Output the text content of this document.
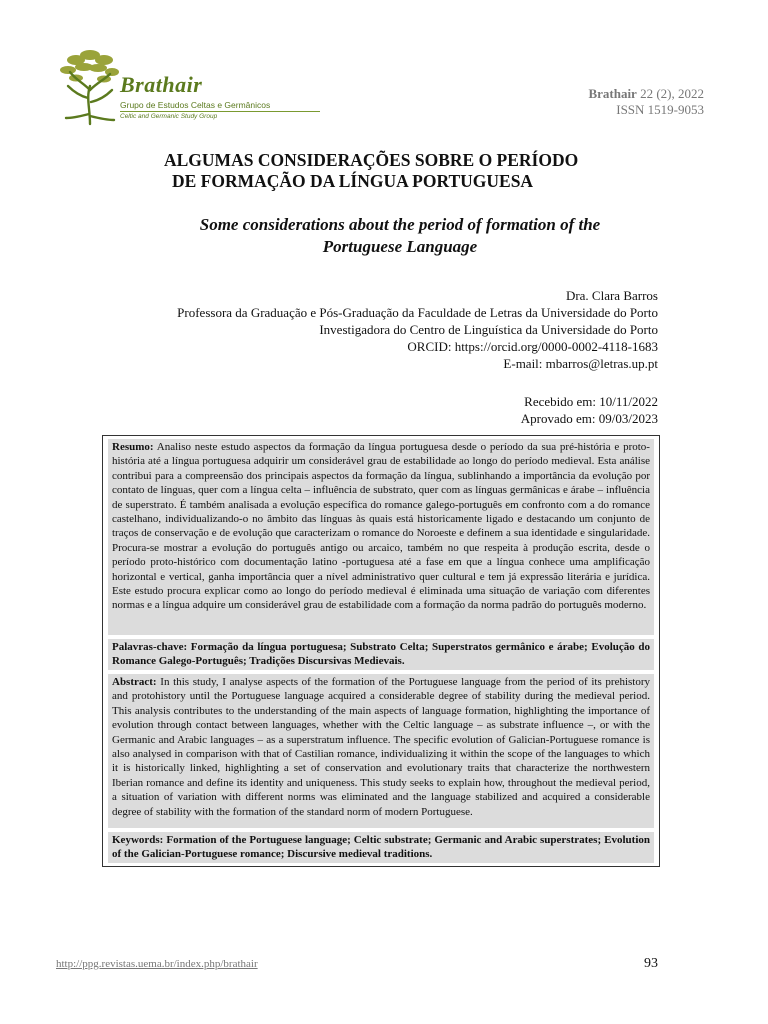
Brathair
Grupo de Estudos Celtas e Germânicos
Celtic and Germanic Study Group
Brathair 22 (2), 2022
ISSN 1519-9053
ALGUMAS CONSIDERAÇÕES SOBRE O PERÍODO
DE FORMAÇÃO DA LÍNGUA PORTUGUESA
Some considerations about the period of formation of the
Portuguese Language
Dra. Clara Barros
Professora da Graduação e Pós-Graduação da Faculdade de Letras da Universidade do Porto
Investigadora do Centro de Linguística da Universidade do Porto
ORCID: https://orcid.org/0000-0002-4118-1683
E-mail: mbarros@letras.up.pt
Recebido em: 10/11/2022
Aprovado em: 09/03/2023
Resumo: Analiso neste estudo aspectos da formação da língua portuguesa desde o período da sua pré-história e proto-história até a língua portuguesa adquirir um considerável grau de estabilidade ao longo do período medieval. Esta análise contribui para a compreensão dos principais aspectos da formação da língua, sublinhando a importância da evolução por contato de línguas, quer com a língua celta – influência de substrato, quer com as línguas germânicas e árabe – influência de superstrato. É também analisada a evolução específica do romance galego-português em confronto com a do romance castelhano, individualizando-o no âmbito das línguas às quais está historicamente ligado e destacando um conjunto de traços de conservação e de evolução que caracterizam o romance do Noroeste e definem a sua identidade e singularidade. Procura-se mostrar a evolução do português antigo ou arcaico, também no que respeita à produção escrita, desde o período proto-histórico com documentação latino -portuguesa até a fase em que a língua conhece uma amplificação horizontal e vertical, ganha importância quer a nível administrativo quer cultural e tem já expressão literária e jurídica. Este estudo procura explicar como ao longo do período medieval é eliminada uma situação de variação com diferentes normas e a língua adquire um considerável grau de estabilidade com a formação da norma padrão do português moderno.
Palavras-chave: Formação da língua portuguesa; Substrato Celta; Superstratos germânico e árabe; Evolução do Romance Galego-Português; Tradições Discursivas Medievais.
Abstract: In this study, I analyse aspects of the formation of the Portuguese language from the period of its prehistory and protohistory until the Portuguese language acquired a considerable degree of stability during the medieval period. This analysis contributes to the understanding of the main aspects of language formation, highlighting the importance of evolution through contact between languages, whether with the Celtic language – as substrate influence –, or with the Germanic and Arabic languages – as a superstratum influence. The specific evolution of Galician-Portuguese romance is also analysed in comparison with that of Castilian romance, individualizing it within the scope of the languages to which it is historically linked, highlighting a set of conservation and evolutionary traits that characterize the northwestern Iberian romance and define its identity and uniqueness. This study seeks to explain how, throughout the medieval period, a situation of variation with different norms was eliminated and the language stabilized and acquired a considerable degree of stability with the formation of the standard norm of modern Portuguese.
Keywords: Formation of the Portuguese language; Celtic substrate; Germanic and Arabic superstrates; Evolution of the Galician-Portuguese romance; Discursive medieval traditions.
http://ppg.revistas.uema.br/index.php/brathair	93
